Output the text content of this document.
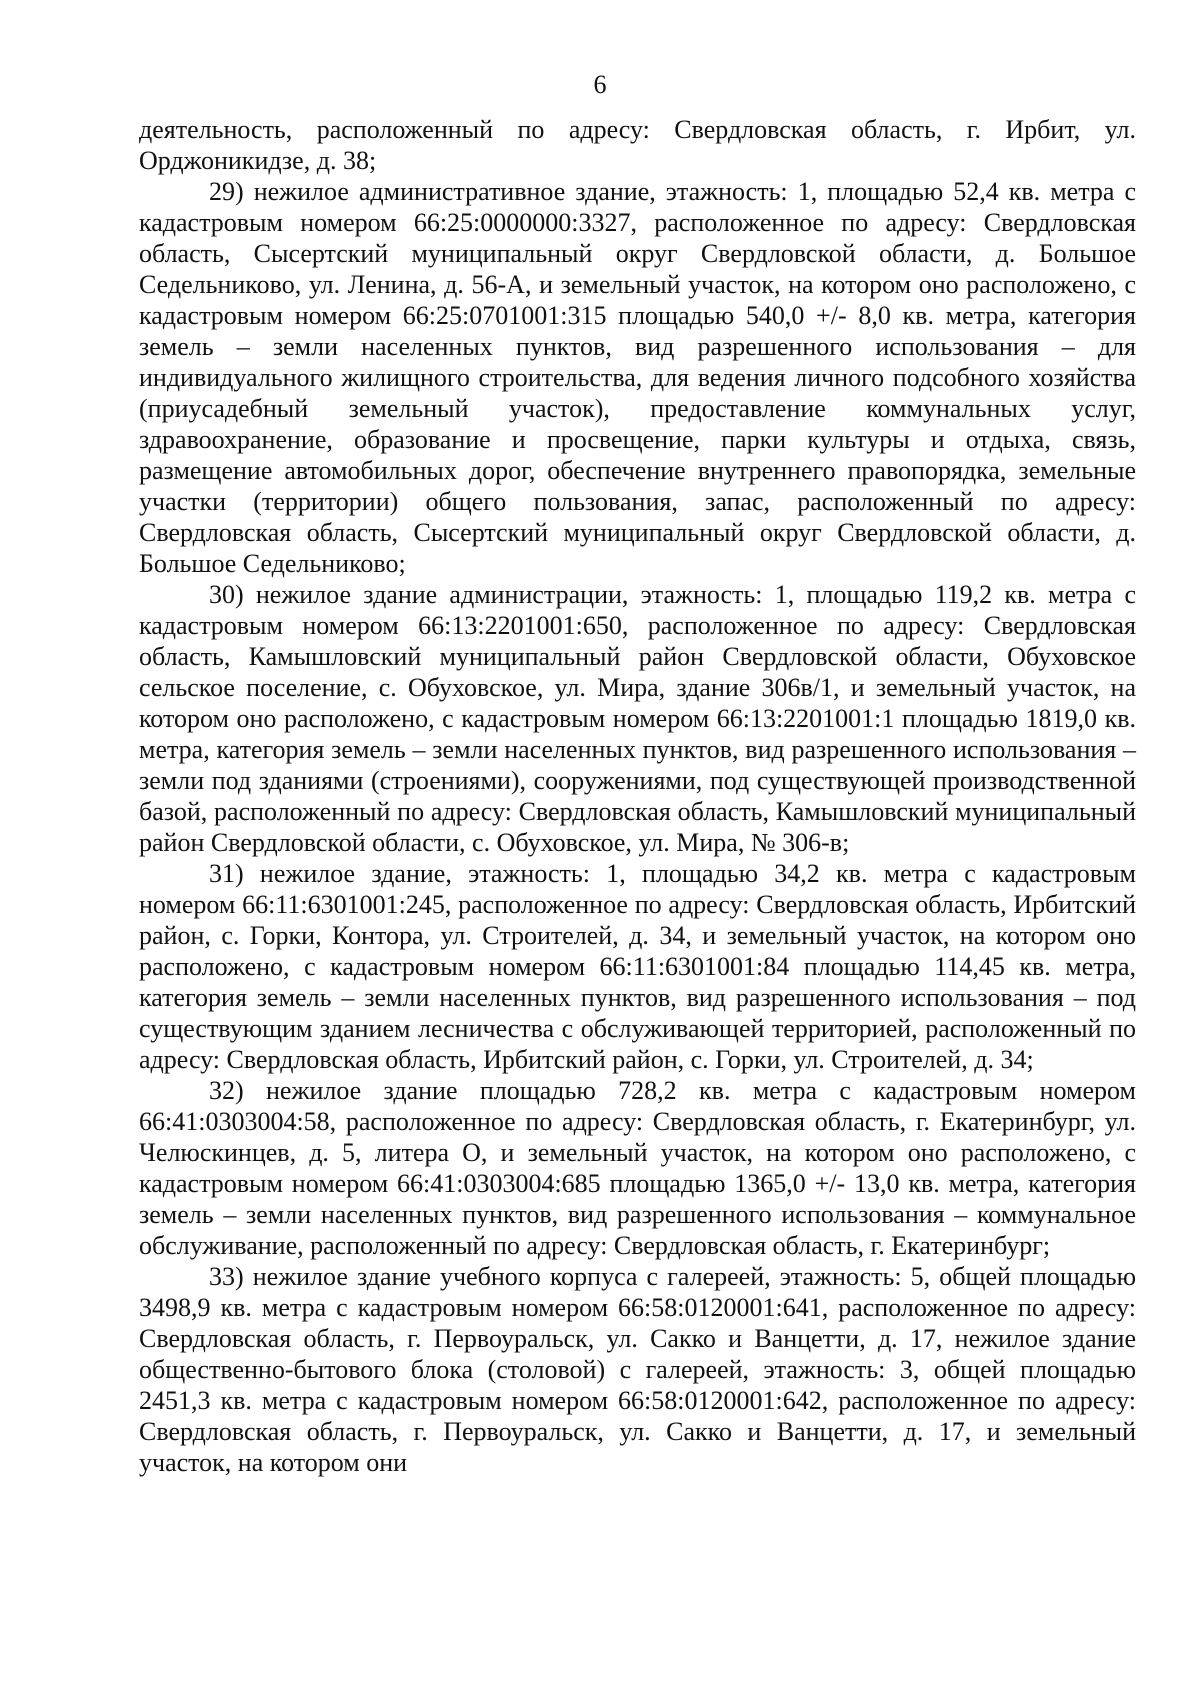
6

деятельность, расположенный по адресу: Свердловская область, г. Ирбит, ул. Орджоникидзе, д. 38;

29) нежилое административное здание, этажность: 1, площадью 52,4 кв. метра с кадастровым номером 66:25:0000000:3327, расположенное по адресу: Свердловская область, Сысертский муниципальный округ Свердловской области, д. Большое Седельниково, ул. Ленина, д. 56-А, и земельный участок, на котором оно расположено, с кадастровым номером 66:25:0701001:315 площадью 540,0 +/- 8,0 кв. метра, категория земель – земли населенных пунктов, вид разрешенного использования – для индивидуального жилищного строительства, для ведения личного подсобного хозяйства (приусадебный земельный участок), предоставление коммунальных услуг, здравоохранение, образование и просвещение, парки культуры и отдыха, связь, размещение автомобильных дорог, обеспечение внутреннего правопорядка, земельные участки (территории) общего пользования, запас, расположенный по адресу: Свердловская область, Сысертский муниципальный округ Свердловской области, д. Большое Седельниково;

30) нежилое здание администрации, этажность: 1, площадью 119,2 кв. метра с кадастровым номером 66:13:2201001:650, расположенное по адресу: Свердловская область, Камышловский муниципальный район Свердловской области, Обуховское сельское поселение, с. Обуховское, ул. Мира, здание 306в/1, и земельный участок, на котором оно расположено, с кадастровым номером 66:13:2201001:1 площадью 1819,0 кв. метра, категория земель – земли населенных пунктов, вид разрешенного использования – земли под зданиями (строениями), сооружениями, под существующей производственной базой, расположенный по адресу: Свердловская область, Камышловский муниципальный район Свердловской области, с. Обуховское, ул. Мира, № 306-в;

31) нежилое здание, этажность: 1, площадью 34,2 кв. метра с кадастровым номером 66:11:6301001:245, расположенное по адресу: Свердловская область, Ирбитский район, с. Горки, Контора, ул. Строителей, д. 34, и земельный участок, на котором оно расположено, с кадастровым номером 66:11:6301001:84 площадью 114,45 кв. метра, категория земель – земли населенных пунктов, вид разрешенного использования – под существующим зданием лесничества с обслуживающей территорией, расположенный по адресу: Свердловская область, Ирбитский район, с. Горки, ул. Строителей, д. 34;

32) нежилое здание площадью 728,2 кв. метра с кадастровым номером 66:41:0303004:58, расположенное по адресу: Свердловская область, г. Екатеринбург, ул. Челюскинцев, д. 5, литера О, и земельный участок, на котором оно расположено, с кадастровым номером 66:41:0303004:685 площадью 1365,0 +/- 13,0 кв. метра, категория земель – земли населенных пунктов, вид разрешенного использования – коммунальное обслуживание, расположенный по адресу: Свердловская область, г. Екатеринбург;

33) нежилое здание учебного корпуса с галереей, этажность: 5, общей площадью 3498,9 кв. метра с кадастровым номером 66:58:0120001:641, расположенное по адресу: Свердловская область, г. Первоуральск, ул. Сакко и Ванцетти, д. 17, нежилое здание общественно-бытового блока (столовой) с галереей, этажность: 3, общей площадью 2451,3 кв. метра с кадастровым номером 66:58:0120001:642, расположенное по адресу: Свердловская область, г. Первоуральск, ул. Сакко и Ванцетти, д. 17, и земельный участок, на котором они
